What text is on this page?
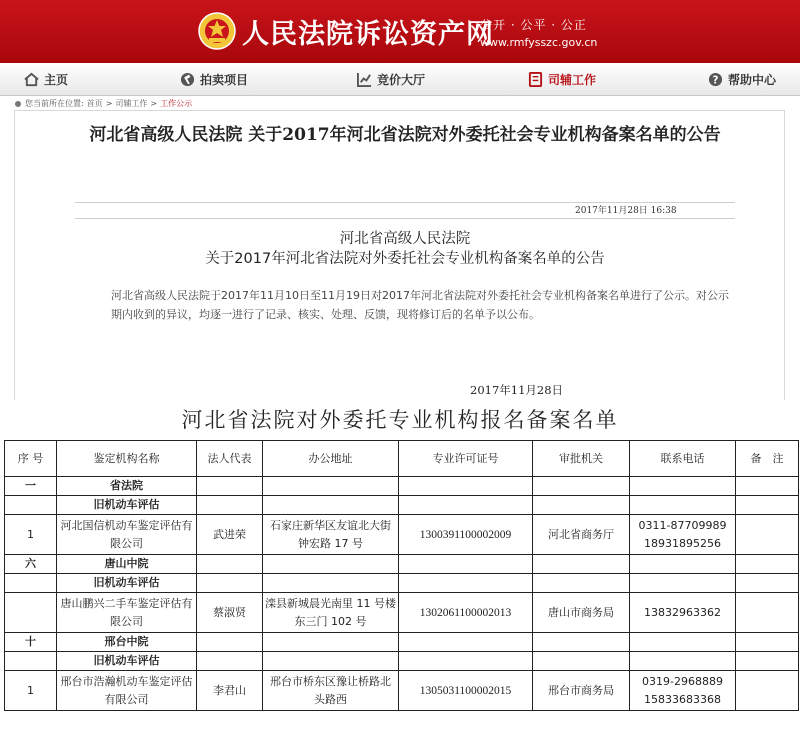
人民法院诉讼资产网
公开 · 公平 · 公正
www.rmfysszc.gov.cn
主页	拍卖项目	竞价大厅	司辅工作	? 帮助中心
您当前所在位置: 首页 > 司辅工作 > 工作公示
河北省高级人民法院 关于2017年河北省法院对外委托社会专业机构备案名单的公告
2017年11月28日 16:38
河北省高级人民法院
关于2017年河北省法院对外委托社会专业机构备案名单的公告
河北省高级人民法院于2017年11月10日至11月19日对2017年河北省法院对外委托社会专业机构备案名单进行了公示。对公示期内收到的异议，均逐一进行了记录、核实、处理、反馈，现将修订后的名单予以公布。
2017年11月28日
河北省法院对外委托专业机构报名备案名单
序 号	鉴定机构名称	法人代表	办公地址	专业许可证号	审批机关	联系电话	备　注
一	省法院						
	旧机动车评估						
1	河北国信机动车鉴定评估有限公司	武进荣	石家庄新华区友谊北大街钟宏路 17 号	1300391100002009	河北省商务厅	0311-87709989
18931895256	

六	唐山中院						
	旧机动车评估						
	唐山鹏兴二手车鉴定评估有限公司	蔡淑贤	滦县新城晨光南里 11 号楼东三门 102 号	1302061100002013	唐山市商务局	13832963362	

十	邢台中院						
	旧机动车评估						
1	邢台市浩瀚机动车鉴定评估有限公司	李君山	邢台市桥东区豫让桥路北头路西	1305031100002015	邢台市商务局	0319-2968889
15833683368	
